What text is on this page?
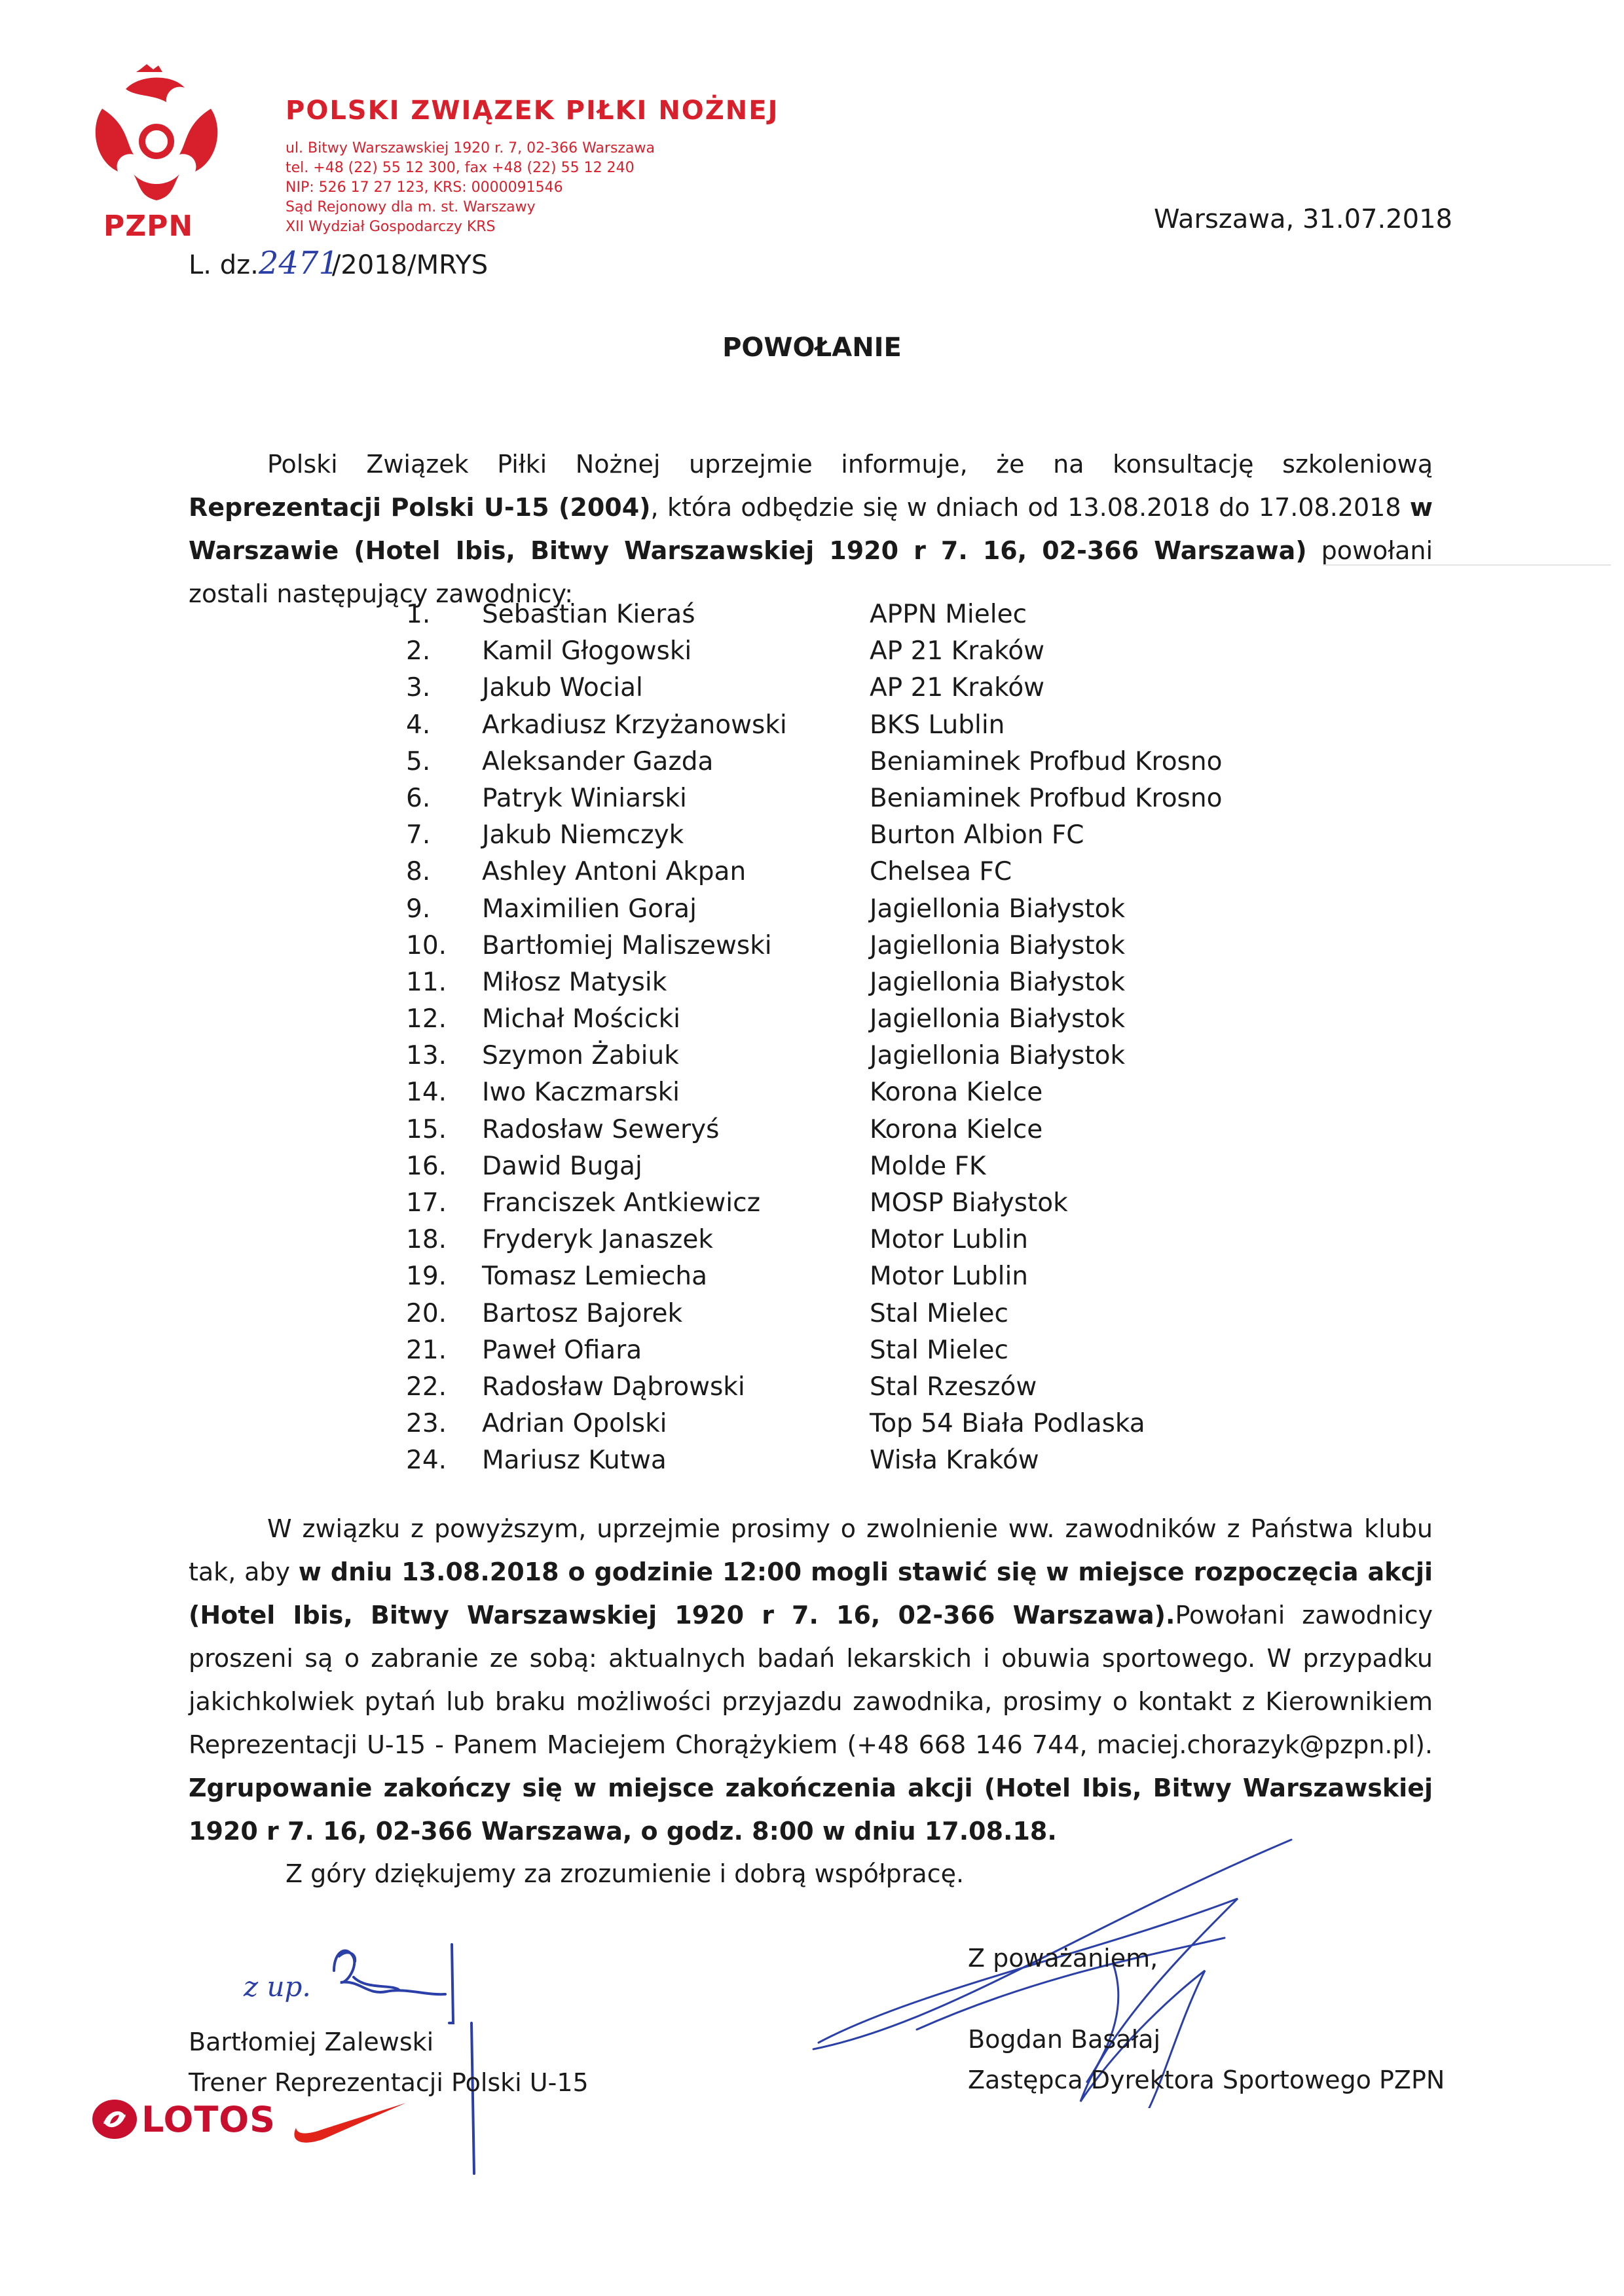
PZPN
POLSKI ZWIĄZEK PIŁKI NOŻNEJ
ul. Bitwy Warszawskiej 1920 r. 7, 02-366 Warszawa
tel. +48 (22) 55 12 300, fax +48 (22) 55 12 240
NIP: 526 17 27 123, KRS: 0000091546
Sąd Rejonowy dla m. st. Warszawy
XII Wydział Gospodarczy KRS	Warszawa, 31.07.2018
L. dz.2471/2018/MRYS
POWOŁANIE
Polski Związek Piłki Nożnej uprzejmie informuje, że na konsultację szkoleniową Reprezentacji Polski U-15 (2004), która odbędzie się w dniach od 13.08.2018 do 17.08.2018 w Warszawie (Hotel Ibis, Bitwy Warszawskiej 1920 r 7. 16, 02-366 Warszawa) powołani zostali następujący zawodnicy:
1.	Sebastian Kieraś	APPN Mielec
2.	Kamil Głogowski	AP 21 Kraków
3.	Jakub Wocial	AP 21 Kraków
4.	Arkadiusz Krzyżanowski	BKS Lublin
5.	Aleksander Gazda	Beniaminek Profbud Krosno
6.	Patryk Winiarski	Beniaminek Profbud Krosno
7.	Jakub Niemczyk	Burton Albion FC
8.	Ashley Antoni Akpan	Chelsea FC
9.	Maximilien Goraj	Jagiellonia Białystok
10.	Bartłomiej Maliszewski	Jagiellonia Białystok
11.	Miłosz Matysik	Jagiellonia Białystok
12.	Michał Mościcki	Jagiellonia Białystok
13.	Szymon Żabiuk	Jagiellonia Białystok
14.	Iwo Kaczmarski	Korona Kielce
15.	Radosław Seweryś	Korona Kielce
16.	Dawid Bugaj	Molde FK
17.	Franciszek Antkiewicz	MOSP Białystok
18.	Fryderyk Janaszek	Motor Lublin
19.	Tomasz Lemiecha	Motor Lublin
20.	Bartosz Bajorek	Stal Mielec
21.	Paweł Ofiara	Stal Mielec
22.	Radosław Dąbrowski	Stal Rzeszów
23.	Adrian Opolski	Top 54 Biała Podlaska
24.	Mariusz Kutwa	Wisła Kraków
W związku z powyższym, uprzejmie prosimy o zwolnienie ww. zawodników z Państwa klubu tak, aby w dniu 13.08.2018 o godzinie 12:00 mogli stawić się w miejsce rozpoczęcia akcji (Hotel Ibis, Bitwy Warszawskiej 1920 r 7. 16, 02-366 Warszawa).Powołani zawodnicy proszeni są o zabranie ze sobą: aktualnych badań lekarskich i obuwia sportowego. W przypadku jakichkolwiek pytań lub braku możliwości przyjazdu zawodnika, prosimy o kontakt z Kierownikiem Reprezentacji U-15 - Panem Maciejem Chorążykiem (+48 668 146 744, maciej.chorazyk@pzpn.pl). Zgrupowanie zakończy się w miejsce zakończenia akcji (Hotel Ibis, Bitwy Warszawskiej 1920 r 7. 16, 02-366 Warszawa, o godz. 8:00 w dniu 17.08.18.
Z góry dziękujemy za zrozumienie i dobrą współpracę.
z up.
Bartłomiej Zalewski
Trener Reprezentacji Polski U-15
Z poważaniem,
Bogdan Basałaj
Zastępca Dyrektora Sportowego PZPN
LOTOS
